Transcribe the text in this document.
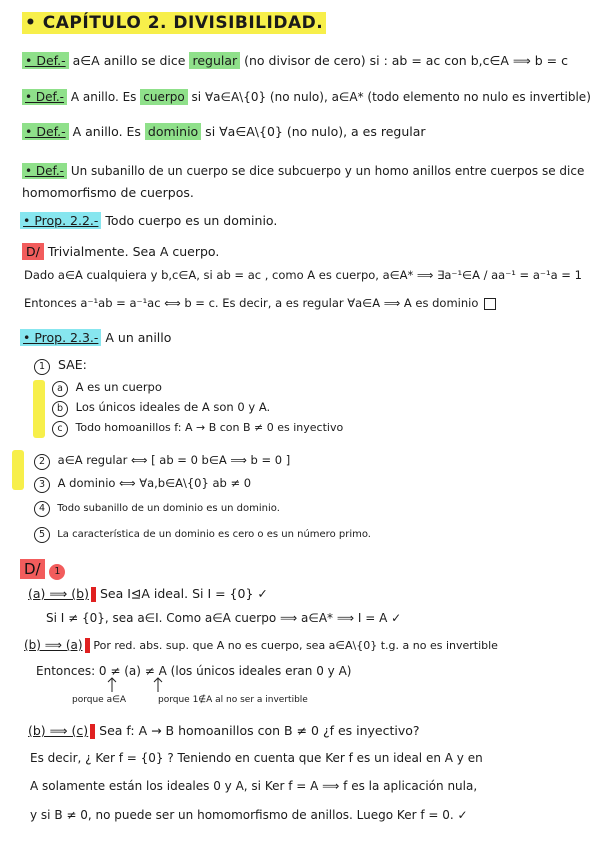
• CAPÍTULO 2. DIVISIBILIDAD.
• Def.- a∈A anillo se dice regular (no divisor de cero) si : ab = ac con b,c∈A ⟹ b = c
• Def.- A anillo. Es cuerpo si ∀a∈A\{0} (no nulo), a∈A* (todo elemento no nulo es invertible)
• Def.- A anillo. Es dominio si ∀a∈A\{0} (no nulo), a es regular
• Def.- Un subanillo de un cuerpo se dice subcuerpo y un homo anillos entre cuerpos se dice
homomorfismo de cuerpos.
• Prop. 2.2.- Todo cuerpo es un dominio.
D/ Trivialmente. Sea A cuerpo.
Dado a∈A cualquiera y b,c∈A, si ab = ac , como A es cuerpo, a∈A* ⟹ ∃a⁻¹∈A / aa⁻¹ = a⁻¹a = 1
Entonces a⁻¹ab = a⁻¹ac ⟺ b = c. Es decir, a es regular ∀a∈A ⟹ A es dominio
• Prop. 2.3.- A un anillo
1 SAE:
a A es un cuerpo
b Los únicos ideales de A son 0 y A.
c Todo homoanillos f: A → B con B ≠ 0 es inyectivo
2 a∈A regular ⟺ [ ab = 0 b∈A ⟹ b = 0 ]
3 A dominio ⟺ ∀a,b∈A\{0} ab ≠ 0
4 Todo subanillo de un dominio es un dominio.
5 La característica de un dominio es cero o es un número primo.
D/ 1
(a) ⟹ (b) Sea I⊴A ideal. Si I = {0} ✓
Si I ≠ {0}, sea a∈I. Como a∈A cuerpo ⟹ a∈A* ⟹ I = A ✓
(b) ⟹ (a) Por red. abs. sup. que A no es cuerpo, sea a∈A\{0} t.g. a no es invertible
Entonces: 0 ≠ (a) ≠ A (los únicos ideales eran 0 y A)
porque a∈A	porque 1∉A al no ser a invertible
(b) ⟹ (c) Sea f: A → B homoanillos con B ≠ 0 ¿f es inyectivo?
Es decir, ¿ Ker f = {0} ? Teniendo en cuenta que Ker f es un ideal en A y en
A solamente están los ideales 0 y A, si Ker f = A ⟹ f es la aplicación nula,
y si B ≠ 0, no puede ser un homomorfismo de anillos. Luego Ker f = 0. ✓
